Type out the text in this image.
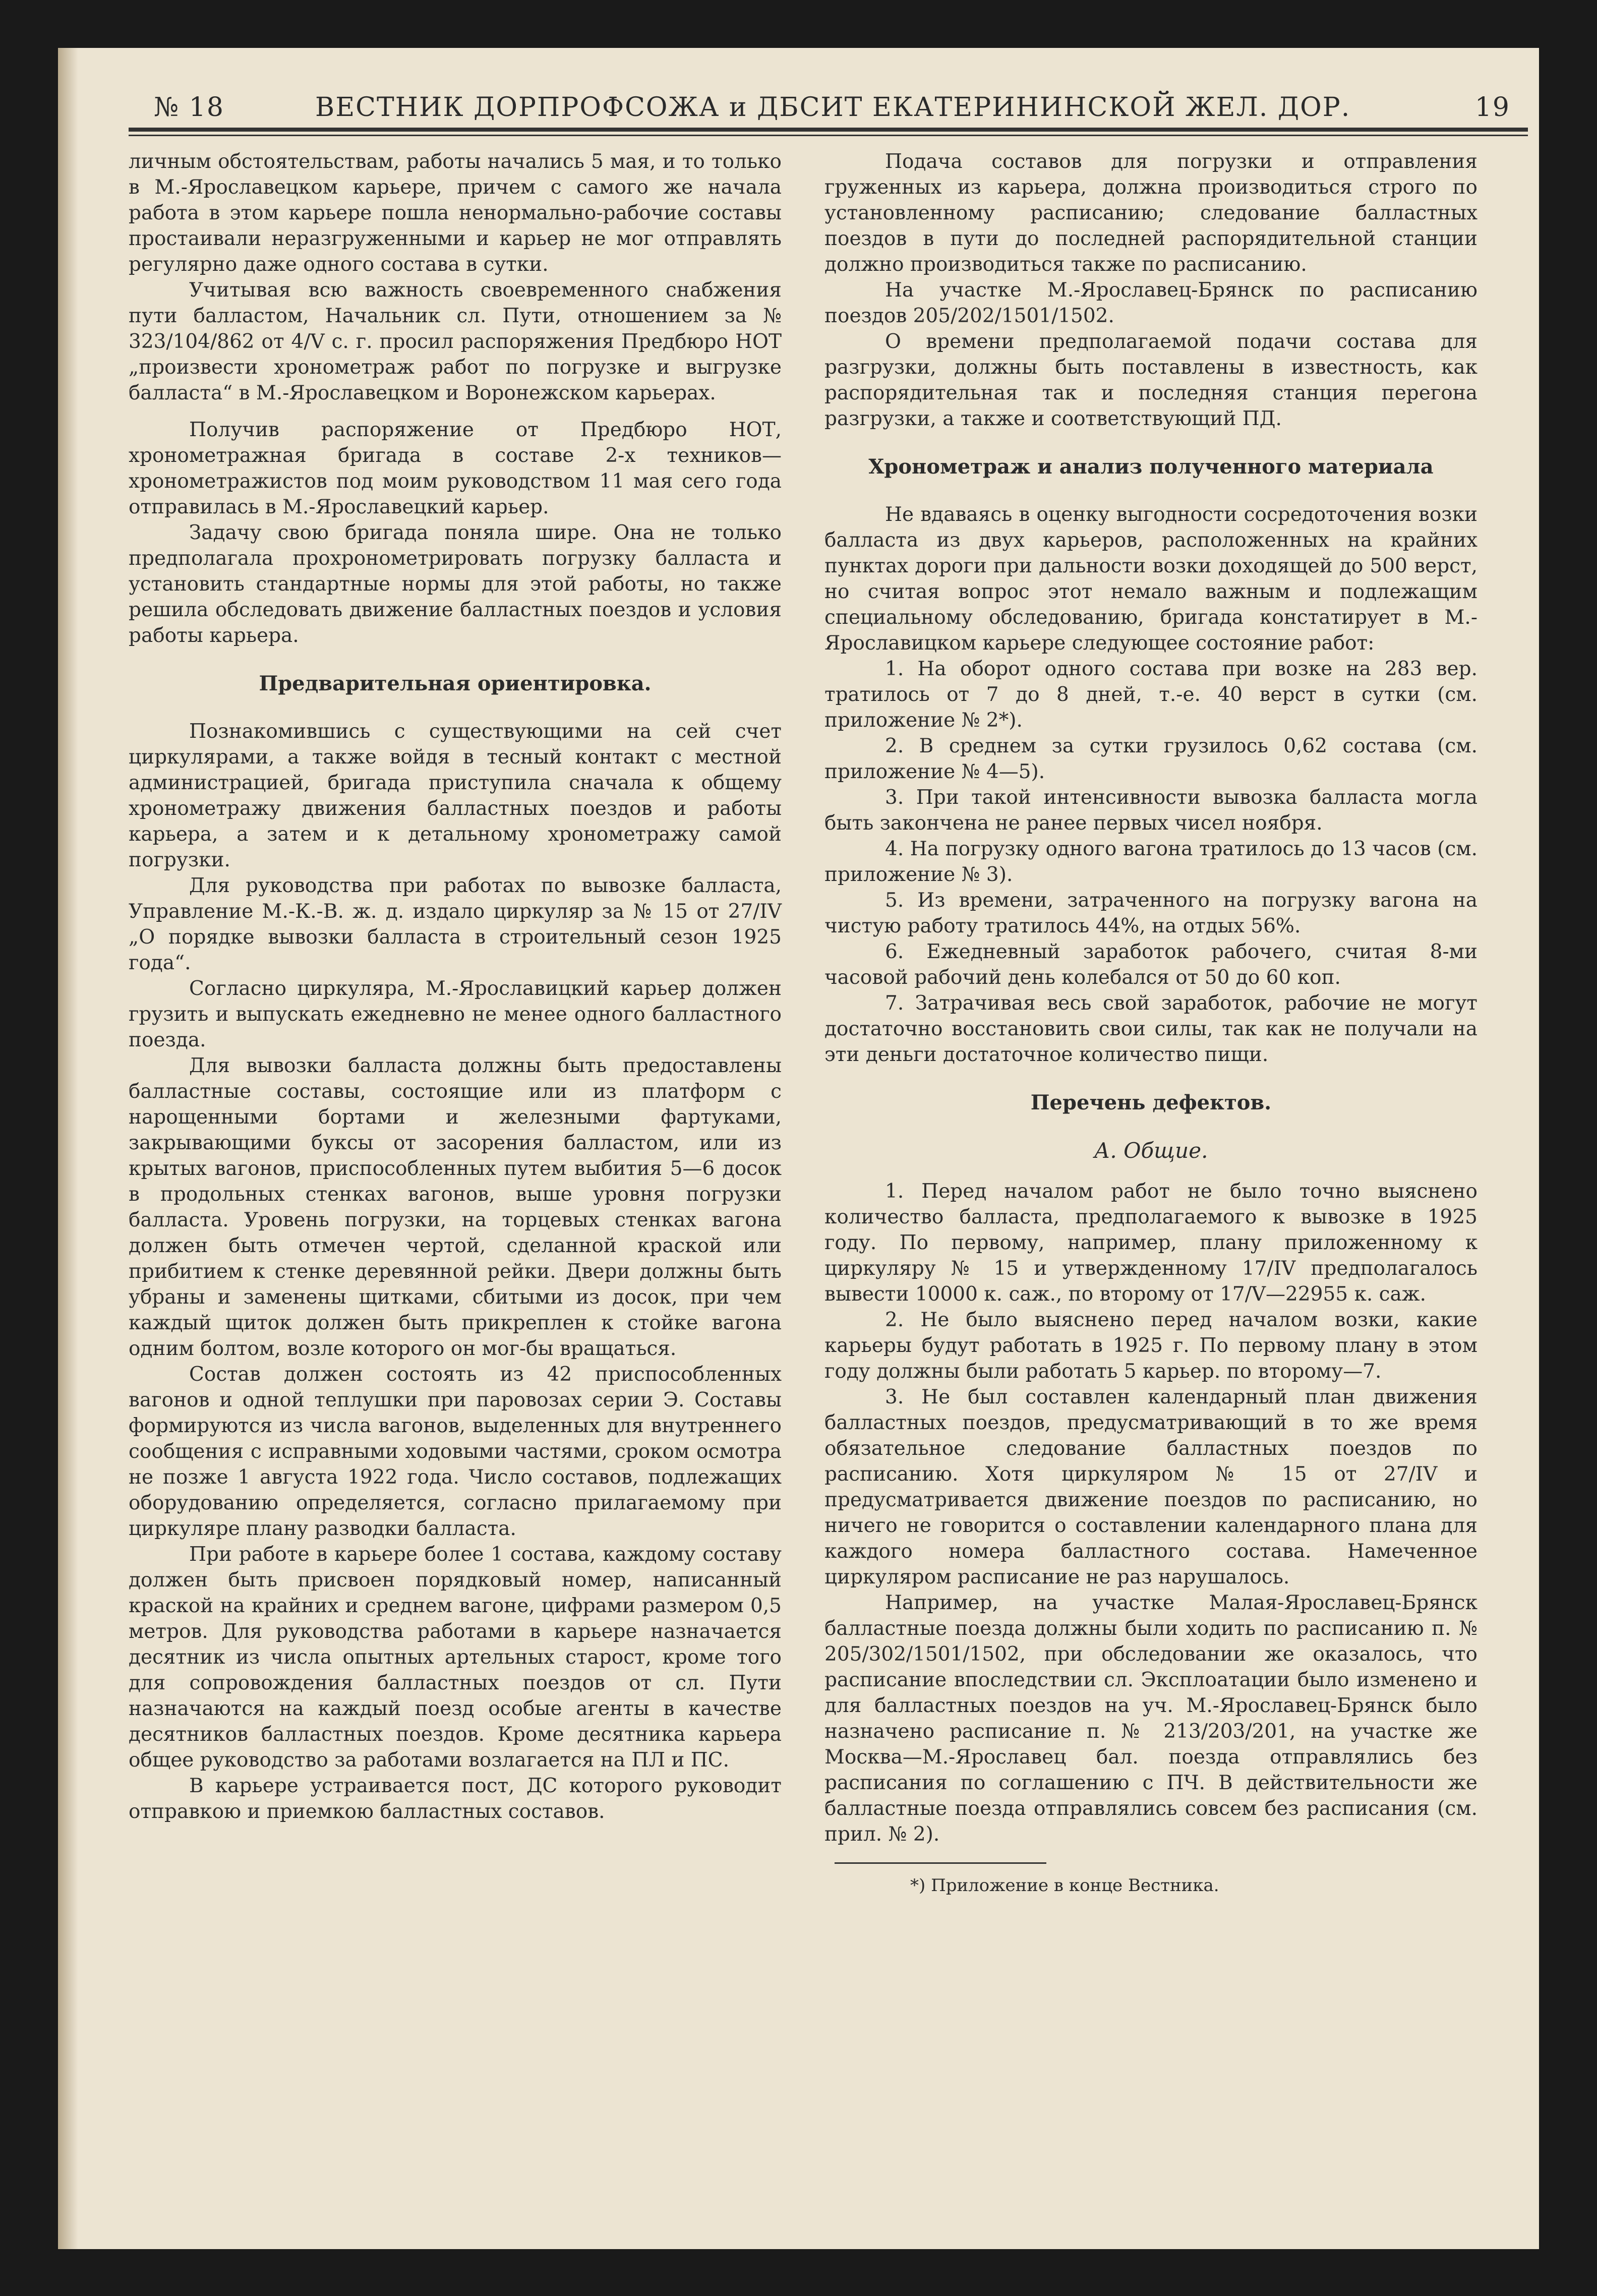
№ 18	ВЕСТНИК ДОРПРОФСОЖА и ДБСИТ ЕКАТЕРИНИНСКОЙ ЖЕЛ. ДОР.	19

личным обстоятельствам, работы начались 5 мая, и то только в М.-Ярославецком карьере, причем с самого же начала работа в этом карьере пошла ненормально-рабочие составы простаивали неразгруженными и карьер не мог отправлять регулярно даже одного состава в сутки.

Учитывая всю важность своевременного снабжения пути балластом, Начальник сл. Пути, отношением за № 323/104/862 от 4/V с. г. просил распоряжения Предбюро НОТ „произвести хронометраж работ по погрузке и выгрузке балласта“ в М.-Ярославецком и Воронежском карьерах.

Получив распоряжение от Предбюро НОТ, хронометражная бригада в составе 2-х техников—хронометражистов под моим руководством 11 мая сего года отправилась в М.-Ярославецкий карьер.

Задачу свою бригада поняла шире. Она не только предполагала прохронометрировать погрузку балласта и установить стандартные нормы для этой работы, но также решила обследовать движение балластных поездов и условия работы карьера.

Предварительная ориентировка.

Познакомившись с существующими на сей счет циркулярами, а также войдя в тесный контакт с местной администрацией, бригада приступила сначала к общему хронометражу движения балластных поездов и работы карьера, а затем и к детальному хронометражу самой погрузки.

Для руководства при работах по вывозке балласта, Управление М.-К.-В. ж. д. издало циркуляр за № 15 от 27/IV „О порядке вывозки балласта в строительный сезон 1925 года“.

Согласно циркуляра, М.-Ярославицкий карьер должен грузить и выпускать ежедневно не менее одного балластного поезда.

Для вывозки балласта должны быть предоставлены балластные составы, состоящие или из платформ с нарощенными бортами и железными фартуками, закрывающими буксы от засорения балластом, или из крытых вагонов, приспособленных путем выбития 5—6 досок в продольных стенках вагонов, выше уровня погрузки балласта. Уровень погрузки, на торцевых стенках вагона должен быть отмечен чертой, сделанной краской или прибитием к стенке деревянной рейки. Двери должны быть убраны и заменены щитками, сбитыми из досок, при чем каждый щиток должен быть прикреплен к стойке вагона одним болтом, возле которого он мог-бы вращаться.

Состав должен состоять из 42 приспособленных вагонов и одной теплушки при паровозах серии Э. Составы формируются из числа вагонов, выделенных для внутреннего сообщения с исправными ходовыми частями, сроком осмотра не позже 1 августа 1922 года. Число составов, подлежащих оборудованию определяется, согласно прилагаемому при циркуляре плану разводки балласта.

При работе в карьере более 1 состава, каждому составу должен быть присвоен порядковый номер, написанный краской на крайних и среднем вагоне, цифрами размером 0,5 метров. Для руководства работами в карьере назначается десятник из числа опытных артельных старост, кроме того для сопровождения балластных поездов от сл. Пути назначаются на каждый поезд особые агенты в качестве десятников балластных поездов. Кроме десятника карьера общее руководство за работами возлагается на ПЛ и ПС.

В карьере устраивается пост, ДС которого руководит отправкою и приемкою балластных составов.

Подача составов для погрузки и отправления груженных из карьера, должна производиться строго по установленному расписанию; следование балластных поездов в пути до последней распорядительной станции должно производиться также по расписанию.

На участке М.-Ярославец-Брянск по расписанию поездов 205/202/1501/1502.

О времени предполагаемой подачи состава для разгрузки, должны быть поставлены в известность, как распорядительная так и последняя станция перегона разгрузки, а также и соответствующий ПД.

Хронометраж и анализ полученного материала

Не вдаваясь в оценку выгодности сосредоточения возки балласта из двух карьеров, расположенных на крайних пунктах дороги при дальности возки доходящей до 500 верст, но считая вопрос этот немало важным и подлежащим специальному обследованию, бригада констатирует в М.-Ярославицком карьере следующее состояние работ:

1. На оборот одного состава при возке на 283 вер. тратилось от 7 до 8 дней, т.-е. 40 верст в сутки (см. приложение № 2*).

2. В среднем за сутки грузилось 0,62 состава (см. приложение № 4—5).

3. При такой интенсивности вывозка балласта могла быть закончена не ранее первых чисел ноября.

4. На погрузку одного вагона тратилось до 13 часов (см. приложение № 3).

5. Из времени, затраченного на погрузку вагона на чистую работу тратилось 44%, на отдых 56%.

6. Ежедневный заработок рабочего, считая 8-ми часовой рабочий день колебался от 50 до 60 коп.

7. Затрачивая весь свой заработок, рабочие не могут достаточно восстановить свои силы, так как не получали на эти деньги достаточное количество пищи.

Перечень дефектов.
А. Общие.

1. Перед началом работ не было точно выяснено количество балласта, предполагаемого к вывозке в 1925 году. По первому, например, плану приложенному к циркуляру № 15 и утвержденному 17/IV предполагалось вывести 10000 к. саж., по второму от 17/V—22955 к. саж.

2. Не было выяснено перед началом возки, какие карьеры будут работать в 1925 г. По первому плану в этом году должны были работать 5 карьер. по второму—7.

3. Не был составлен календарный план движения балластных поездов, предусматривающий в то же время обязательное следование балластных поездов по расписанию. Хотя циркуляром № 15 от 27/IV и предусматривается движение поездов по расписанию, но ничего не говорится о составлении календарного плана для каждого номера балластного состава. Намеченное циркуляром расписание не раз нарушалось.

Например, на участке Малая-Ярославец-Брянск балластные поезда должны были ходить по расписанию п. № 205/302/1501/1502, при обследовании же оказалось, что расписание впоследствии сл. Эксплоатации было изменено и для балластных поездов на уч. М.-Ярославец-Брянск было назначено расписание п. № 213/203/201, на участке же Москва—М.-Ярославец бал. поезда отправлялись без расписания по соглашению с ПЧ. В действительности же балластные поезда отправлялись совсем без расписания (см. прил. № 2).

*) Приложение в конце Вестника.
